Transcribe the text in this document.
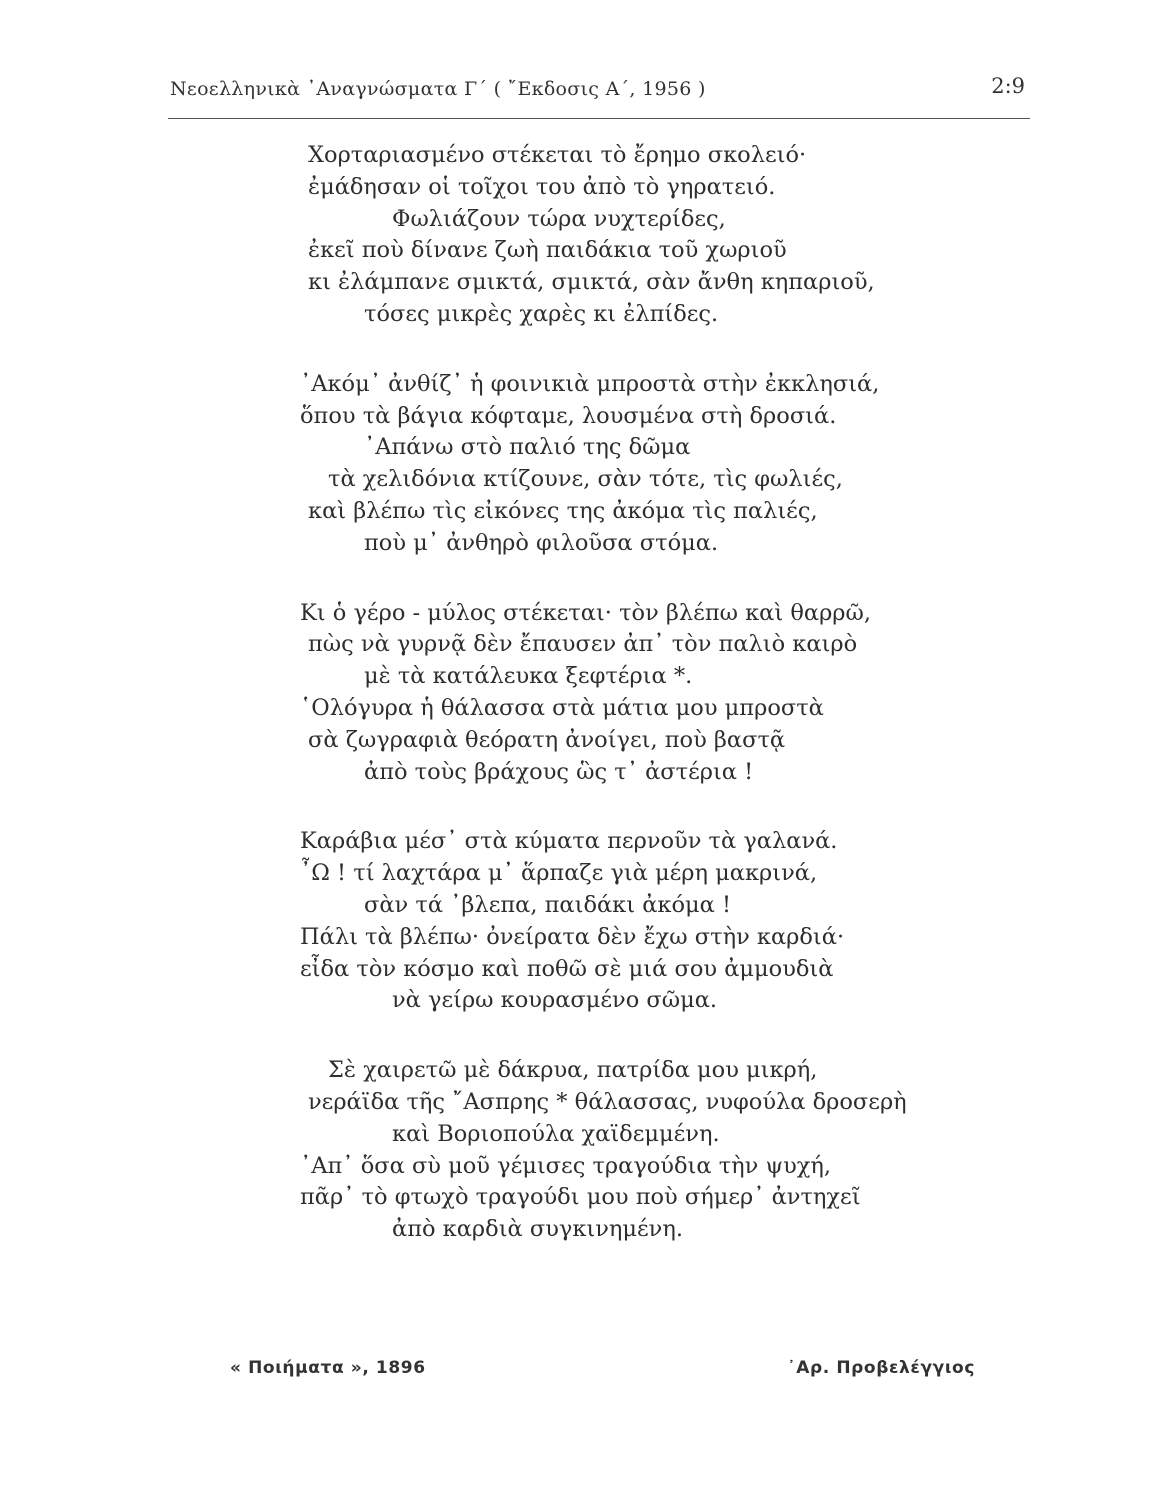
Νεοελληνικὰ ᾿Αναγνώσματα Γ΄ ( ῎Εκδοσις Α΄, 1956 )	2:9
Χορταριασμένο στέκεται τὸ ἔρημο σκολειό·
ἐμάδησαν οἱ τοῖχοι του ἀπὸ τὸ γηρατειό.
Φωλιάζουν τώρα νυχτερίδες,
ἐκεῖ ποὺ δίνανε ζωὴ παιδάκια τοῦ χωριοῦ
κι ἐλάμπανε σμικτά, σμικτά, σὰν ἄνθη κηπαριοῦ,
τόσες μικρὲς χαρὲς κι ἐλπίδες.
᾿Ακόμ᾿ ἀνθίζ᾿ ἡ φοινικιὰ μπροστὰ στὴν ἐκκλησιά,
ὅπου τὰ βάγια κόφταμε, λουσμένα στὴ δροσιά.
᾿Απάνω στὸ παλιό της δῶμα
τὰ χελιδόνια κτίζουνε, σὰν τότε, τὶς φωλιές,
καὶ βλέπω τὶς εἰκόνες της ἀκόμα τὶς παλιές,
ποὺ μ᾿ ἀνθηρὸ φιλοῦσα στόμα.
Κι ὁ γέρο - μύλος στέκεται· τὸν βλέπω καὶ θαρρῶ,
πὼς νὰ γυρνᾷ δὲν ἔπαυσεν ἀπ᾿ τὸν παλιὸ καιρὸ
μὲ τὰ κατάλευκα ξεφτέρια *.
῾Ολόγυρα ἡ θάλασσα στὰ μάτια μου μπροστὰ
σὰ ζωγραφιὰ θεόρατη ἀνοίγει, ποὺ βαστᾷ
ἀπὸ τοὺς βράχους ὣς τ᾿ ἀστέρια !
Καράβια μέσ᾿ στὰ κύματα περνοῦν τὰ γαλανά.
῏Ω ! τί λαχτάρα μ᾿ ἅρπαζε γιὰ μέρη μακρινά,
σὰν τά ᾿βλεπα, παιδάκι ἀκόμα !
Πάλι τὰ βλέπω· ὀνείρατα δὲν ἔχω στὴν καρδιά·
εἶδα τὸν κόσμο καὶ ποθῶ σὲ μιά σου ἀμμουδιὰ
νὰ γείρω κουρασμένο σῶμα.
Σὲ χαιρετῶ μὲ δάκρυα, πατρίδα μου μικρή,
νεράϊδα τῆς ῎Ασπρης * θάλασσας, νυφούλα δροσερὴ
καὶ Βοριοπούλα χαϊδεμμένη.
᾿Απ᾿ ὅσα σὺ μοῦ γέμισες τραγούδια τὴν ψυχή,
πᾶρ᾿ τὸ φτωχὸ τραγούδι μου ποὺ σήμερ᾿ ἀντηχεῖ
ἀπὸ καρδιὰ συγκινημένη.
« Ποιήματα », 1896	᾿Αρ. Προβελέγγιος
